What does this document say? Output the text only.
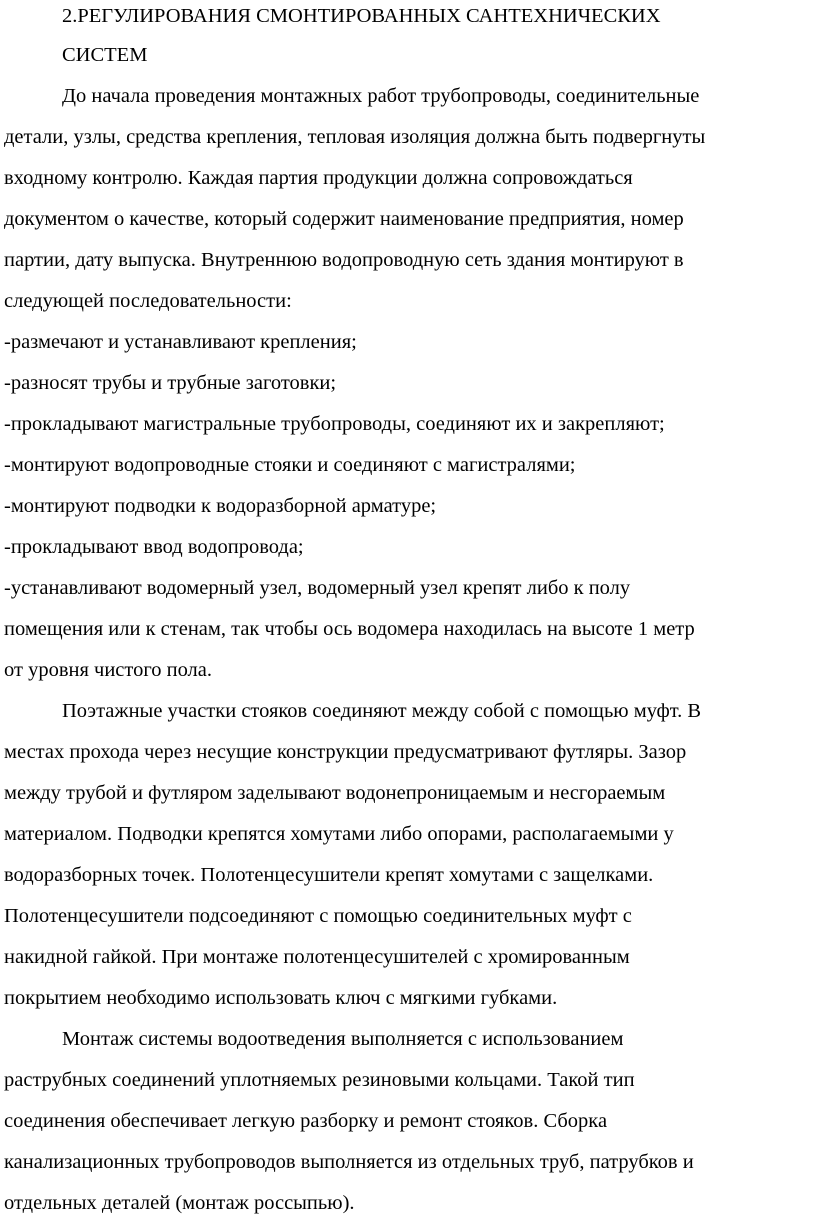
2.РЕГУЛИРОВАНИЯ СМОНТИРОВАННЫХ САНТЕХНИЧЕСКИХ
СИСТЕМ
До начала проведения монтажных работ трубопроводы, соединительные
детали, узлы, средства крепления, тепловая изоляция должна быть подвергнуты
входному контролю. Каждая партия продукции должна сопровождаться
документом о качестве, который содержит наименование предприятия, номер
партии, дату выпуска. Внутреннюю водопроводную сеть здания монтируют в
следующей последовательности:
-размечают и устанавливают крепления;
-разносят трубы и трубные заготовки;
-прокладывают магистральные трубопроводы, соединяют их и закрепляют;
-монтируют водопроводные стояки и соединяют с магистралями;
-монтируют подводки к водоразборной арматуре;
-прокладывают ввод водопровода;
-устанавливают водомерный узел, водомерный узел крепят либо к полу
помещения или к стенам, так чтобы ось водомера находилась на высоте 1 метр
от уровня чистого пола.
Поэтажные участки стояков соединяют между собой с помощью муфт. В
местах прохода через несущие конструкции предусматривают футляры. Зазор
между трубой и футляром заделывают водонепроницаемым и несгораемым
материалом. Подводки крепятся хомутами либо опорами, располагаемыми у
водоразборных точек. Полотенцесушители крепят хомутами с защелками.
Полотенцесушители подсоединяют с помощью соединительных муфт с
накидной гайкой. При монтаже полотенцесушителей с хромированным
покрытием необходимо использовать ключ с мягкими губками.
Монтаж системы водоотведения выполняется с использованием
раструбных соединений уплотняемых резиновыми кольцами. Такой тип
соединения обеспечивает легкую разборку и ремонт стояков. Сборка
канализационных трубопроводов выполняется из отдельных труб, патрубков и
отдельных деталей (монтаж россыпью).
